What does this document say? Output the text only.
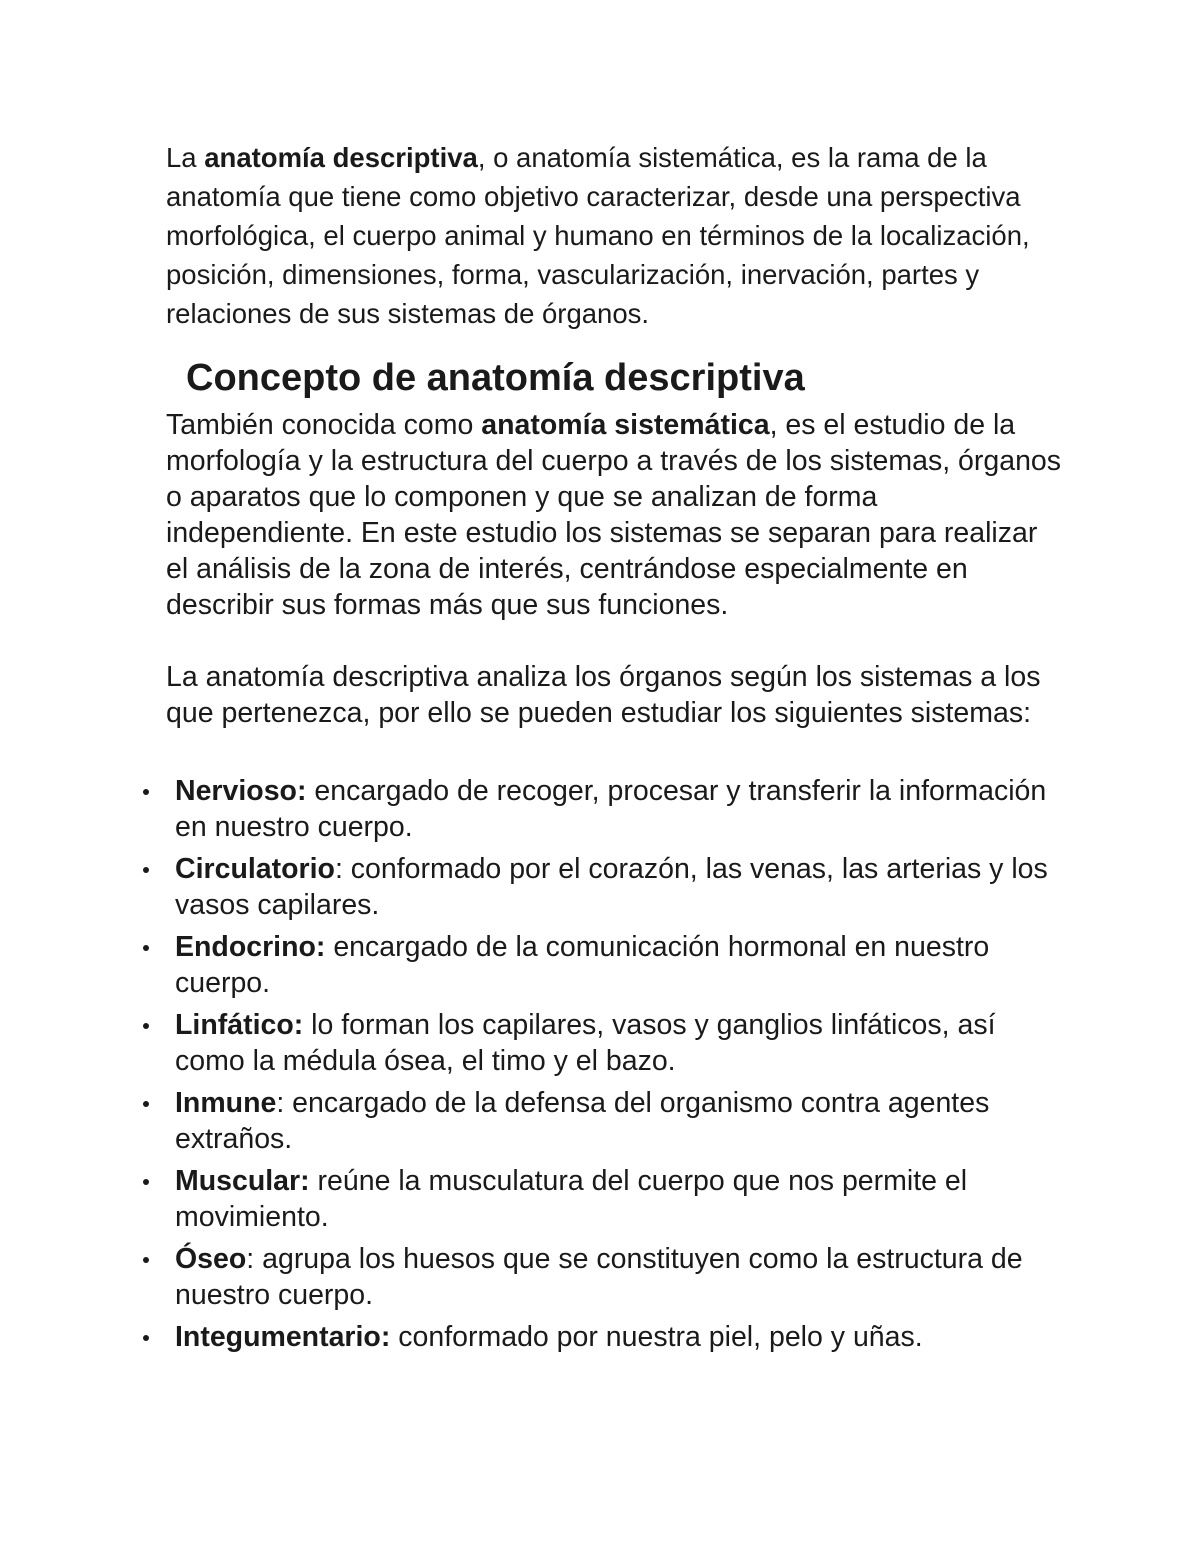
La anatomía descriptiva, o anatomía sistemática, es la rama de la anatomía que tiene como objetivo caracterizar, desde una perspectiva morfológica, el cuerpo animal y humano en términos de la localización, posición, dimensiones, forma, vascularización, inervación, partes y relaciones de sus sistemas de órganos.

Concepto de anatomía descriptiva

También conocida como anatomía sistemática, es el estudio de la morfología y la estructura del cuerpo a través de los sistemas, órganos o aparatos que lo componen y que se analizan de forma independiente. En este estudio los sistemas se separan para realizar el análisis de la zona de interés, centrándose especialmente en describir sus formas más que sus funciones.

La anatomía descriptiva analiza los órganos según los sistemas a los que pertenezca, por ello se pueden estudiar los siguientes sistemas:

Nervioso: encargado de recoger, procesar y transferir la información en nuestro cuerpo.
Circulatorio: conformado por el corazón, las venas, las arterias y los vasos capilares.
Endocrino: encargado de la comunicación hormonal en nuestro cuerpo.
Linfático: lo forman los capilares, vasos y ganglios linfáticos, así como la médula ósea, el timo y el bazo.
Inmune: encargado de la defensa del organismo contra agentes extraños.
Muscular: reúne la musculatura del cuerpo que nos permite el movimiento.
Óseo: agrupa los huesos que se constituyen como la estructura de nuestro cuerpo.
Integumentario: conformado por nuestra piel, pelo y uñas.
